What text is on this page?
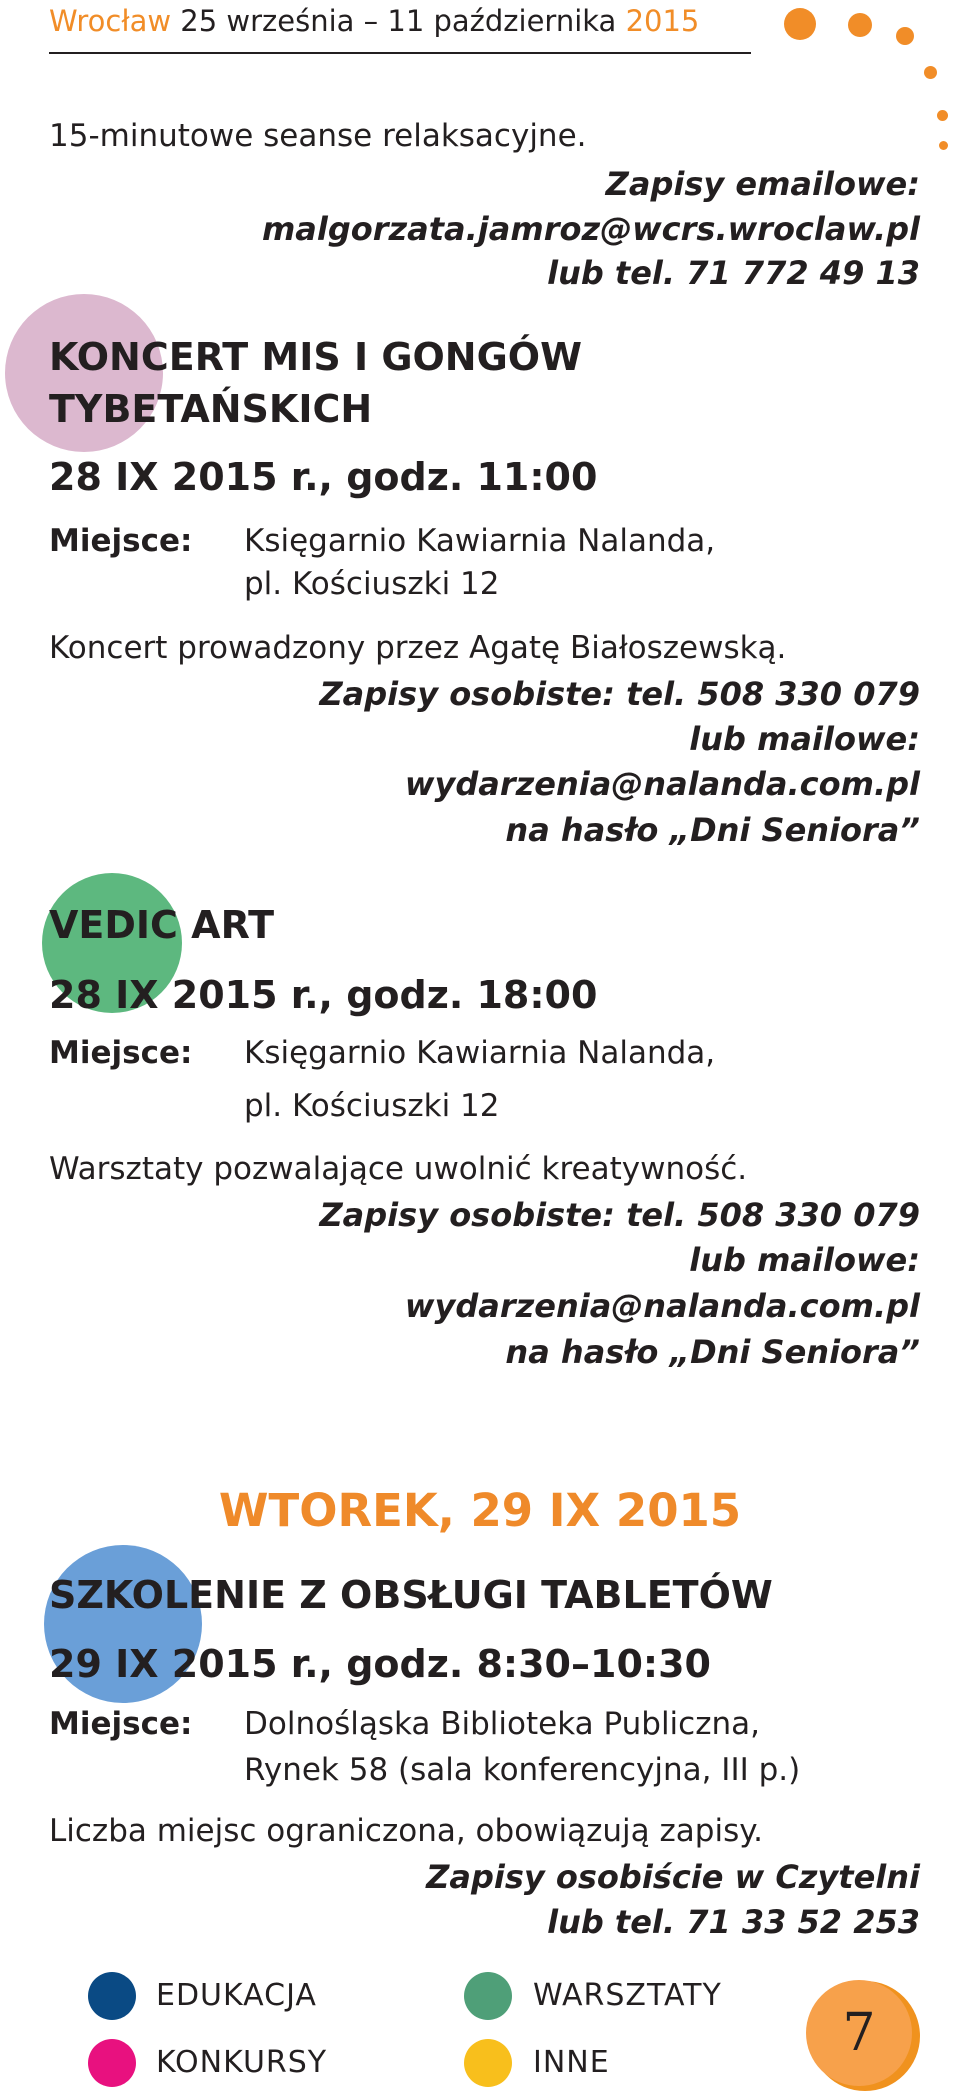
Wrocław 25 września – 11 października 2015
15-minutowe seanse relaksacyjne.
Zapisy emailowe:
malgorzata.jamroz@wcrs.wroclaw.pl
lub tel. 71 772 49 13
KONCERT MIS I GONGÓW
TYBETAŃSKICH
28 IX 2015 r., godz. 11:00
Miejsce: Księgarnio Kawiarnia Nalanda,
pl. Kościuszki 12
Koncert prowadzony przez Agatę Białoszewską.
Zapisy osobiste: tel. 508 330 079
lub mailowe:
wydarzenia@nalanda.com.pl
na hasło „Dni Seniora”
VEDIC ART
28 IX 2015 r., godz. 18:00
Miejsce: Księgarnio Kawiarnia Nalanda,
pl. Kościuszki 12
Warsztaty pozwalające uwolnić kreatywność.
Zapisy osobiste: tel. 508 330 079
lub mailowe:
wydarzenia@nalanda.com.pl
na hasło „Dni Seniora”
WTOREK, 29 IX 2015
SZKOLENIE Z OBSŁUGI TABLETÓW
29 IX 2015 r., godz. 8:30–10:30
Miejsce: Dolnośląska Biblioteka Publiczna,
Rynek 58 (sala konferencyjna, III p.)
Liczba miejsc ograniczona, obowiązują zapisy.
Zapisy osobiście w Czytelni
lub tel. 71 33 52 253
EDUKACJA	WARSZTATY
KONKURSY	INNE	7
